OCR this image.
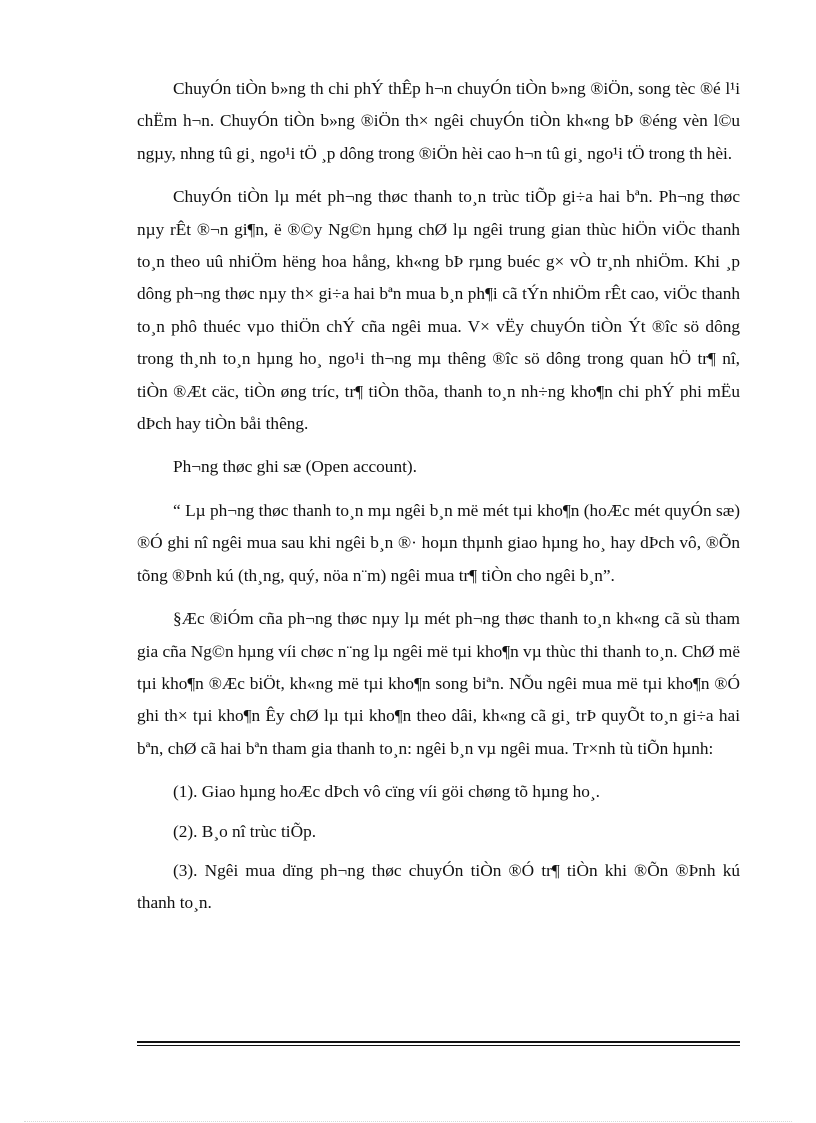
ChuyÓn tiÒn b»ng th chi phÝ thÊp h¬n chuyÓn tiÒn b»ng ®iÖn, song tèc ®é l¹i chËm h¬n. ChuyÓn tiÒn b»ng ®iÖn th× ngêi chuyÓn tiÒn kh«ng bÞ ®éng vèn l©u ngµy, nhng tû gi¸ ngo¹i tÖ ¸p dông trong ®iÖn hèi cao h¬n tû gi¸ ngo¹i tÖ trong th hèi.

ChuyÓn tiÒn lµ mét ph¬ng thøc thanh to¸n trùc tiÕp gi÷a hai bªn. Ph¬ng thøc nµy rÊt ®¬n gi¶n, ë ®©y Ng©n hµng chØ lµ ngêi trung gian thùc hiÖn viÖc thanh to¸n theo uû nhiÖm hëng hoa hång, kh«ng bÞ rµng buéc g× vÒ tr¸nh nhiÖm. Khi ¸p dông ph¬ng thøc nµy th× gi÷a hai bªn mua b¸n ph¶i cã tÝn nhiÖm rÊt cao, viÖc thanh to¸n phô thuéc vµo thiÖn chÝ cña ngêi mua. V× vËy chuyÓn tiÒn Ýt ®îc sö dông trong th¸nh to¸n hµng ho¸ ngo¹i th¬ng mµ thêng ®îc sö dông trong quan hÖ tr¶ nî, tiÒn ®Æt cäc, tiÒn øng tríc, tr¶ tiÒn thõa, thanh to¸n nh÷ng kho¶n chi phÝ phi mËu dÞch hay tiÒn båi thêng.

Ph¬ng thøc ghi sæ (Open account).

“ Lµ ph¬ng thøc thanh to¸n mµ ngêi b¸n më mét tµi kho¶n (hoÆc mét quyÓn sæ) ®Ó ghi nî ngêi mua sau khi ngêi b¸n ®· hoµn thµnh giao hµng ho¸ hay dÞch vô, ®Õn tõng ®Þnh kú (th¸ng, quý, nöa n¨m) ngêi mua tr¶ tiÒn cho ngêi b¸n”.

§Æc ®iÓm cña ph¬ng thøc nµy lµ mét ph¬ng thøc thanh to¸n kh«ng cã sù tham gia cña Ng©n hµng víi chøc n¨ng lµ ngêi më tµi kho¶n vµ thùc thi thanh to¸n. ChØ më tµi kho¶n ®Æc biÖt, kh«ng më tµi kho¶n song biªn. NÕu ngêi mua më tµi kho¶n ®Ó ghi th× tµi kho¶n Êy chØ lµ tµi kho¶n theo dâi, kh«ng cã gi¸ trÞ quyÕt to¸n gi÷a hai bªn, chØ cã hai bªn tham gia thanh to¸n: ngêi b¸n vµ ngêi mua. Tr×nh tù tiÕn hµnh:

(1). Giao hµng hoÆc dÞch vô cïng víi göi chøng tõ hµng ho¸.

(2). B¸o nî trùc tiÕp.

(3). Ngêi mua dïng ph¬ng thøc chuyÓn tiÒn ®Ó tr¶ tiÒn khi ®Õn ®Þnh kú thanh to¸n.
